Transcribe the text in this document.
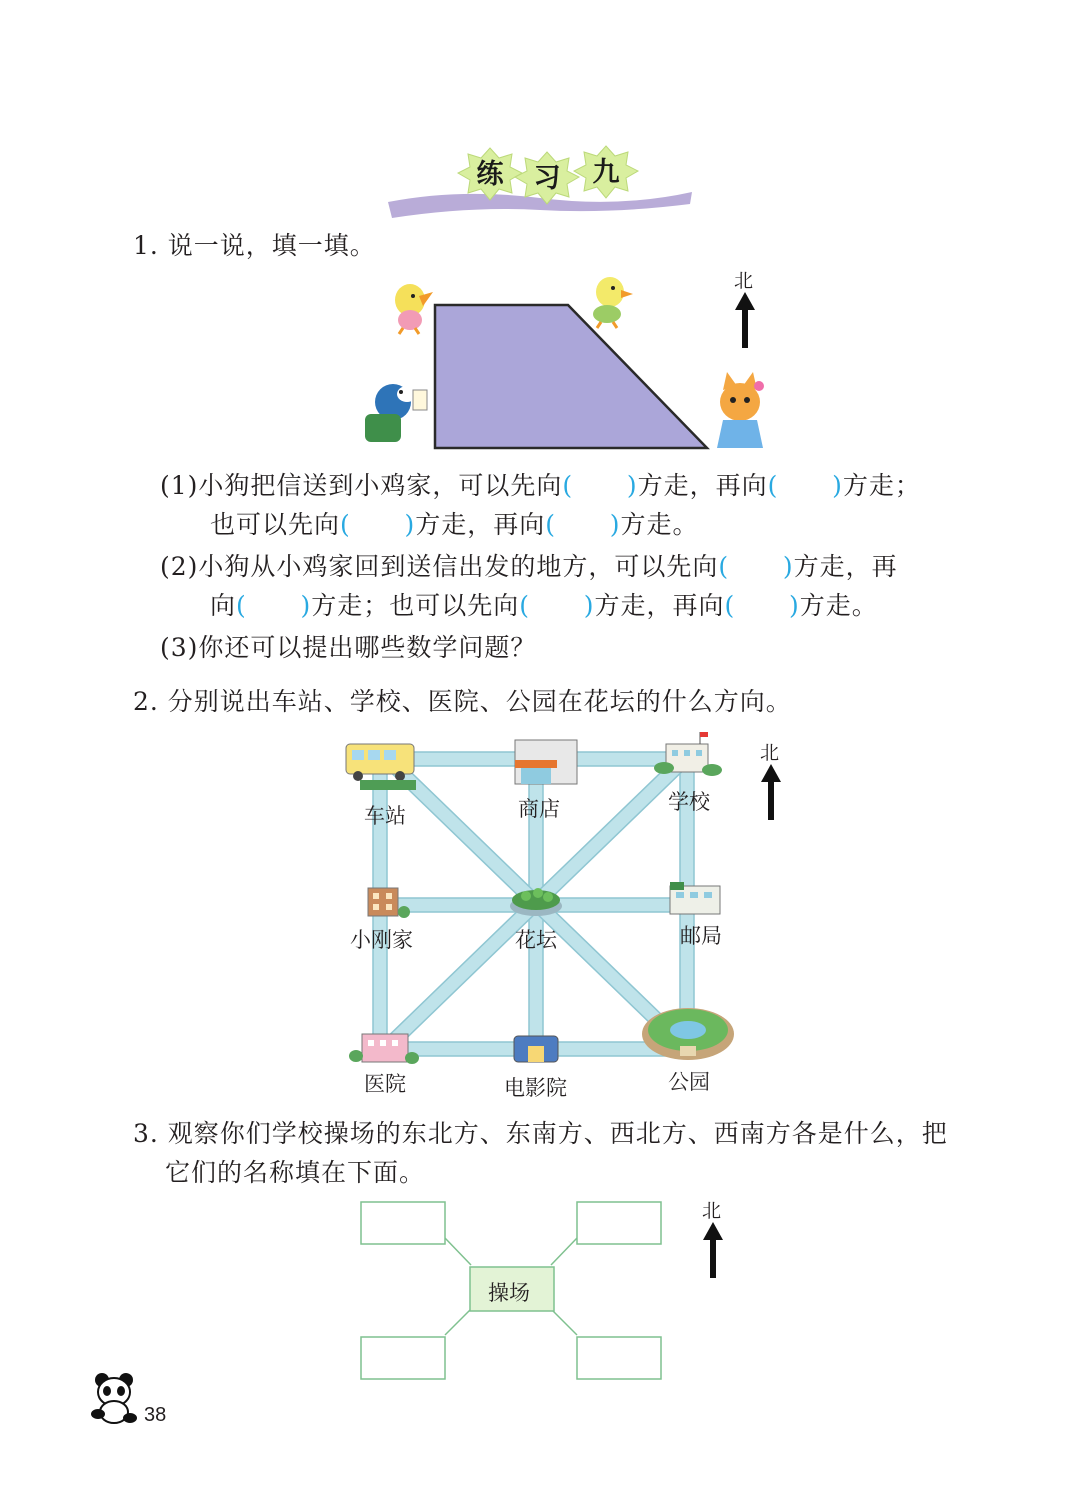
练 习 九
1. 说一说，填一填。
北
(1)小狗把信送到小鸡家，可以先向( )方走，再向( )方走；
也可以先向( )方走，再向( )方走。
(2)小狗从小鸡家回到送信出发的地方，可以先向( )方走，再
向( )方走；也可以先向( )方走，再向( )方走。
(3)你还可以提出哪些数学问题？
2. 分别说出车站、学校、医院、公园在花坛的什么方向。
车站	商店	学校
小刚家	花坛	邮局
医院	电影院	公园
北
3. 观察你们学校操场的东北方、东南方、西北方、西南方各是什么，把
它们的名称填在下面。
操场
北
38
